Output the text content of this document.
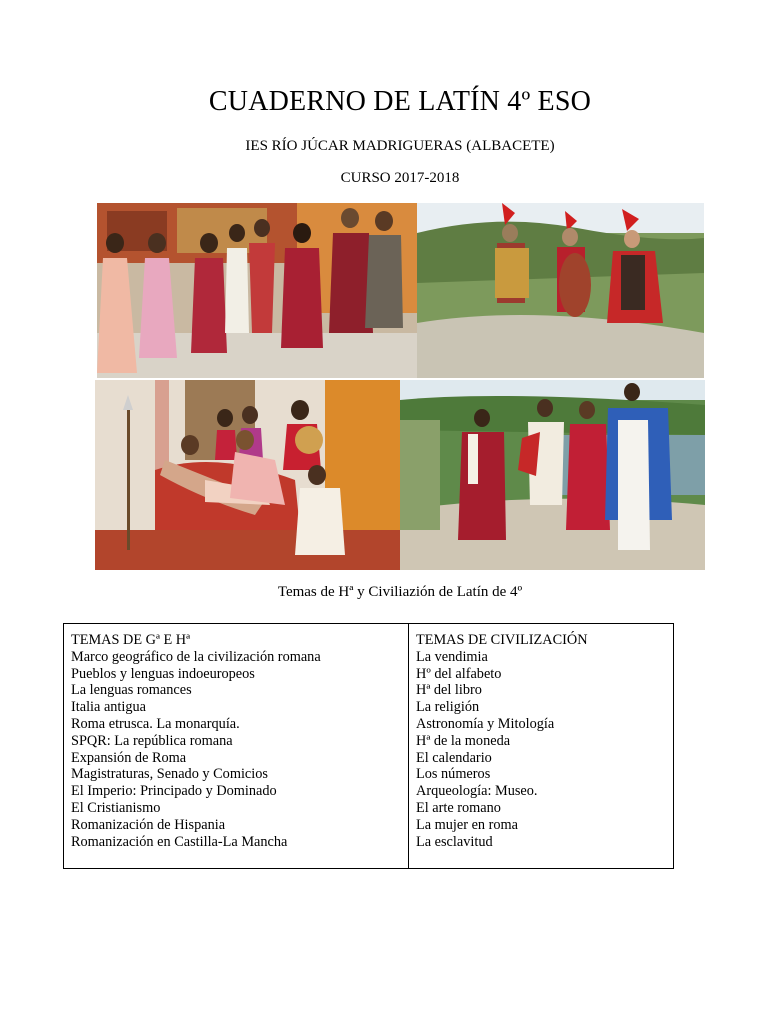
CUADERNO DE LATÍN 4º ESO
IES RÍO JÚCAR MADRIGUERAS (ALBACETE)
CURSO 2017-2018
Temas de Hª y Civiliazión de Latín de 4º
TEMAS DE Gª E Hª
Marco geográfico de la civilización romana
Pueblos y lenguas indoeuropeos
La lenguas romances
Italia antigua
Roma etrusca. La monarquía.
SPQR: La república romana
Expansión de Roma
Magistraturas, Senado y Comicios
El Imperio: Principado y Dominado
El Cristianismo
Romanización de Hispania
Romanización en Castilla-La Mancha
TEMAS DE CIVILIZACIÓN
La vendimia
Hº del alfabeto
Hª del libro
La religión
Astronomía y Mitología
Hª de la moneda
El calendario
Los números
Arqueología: Museo.
El arte romano
La mujer en roma
La esclavitud
